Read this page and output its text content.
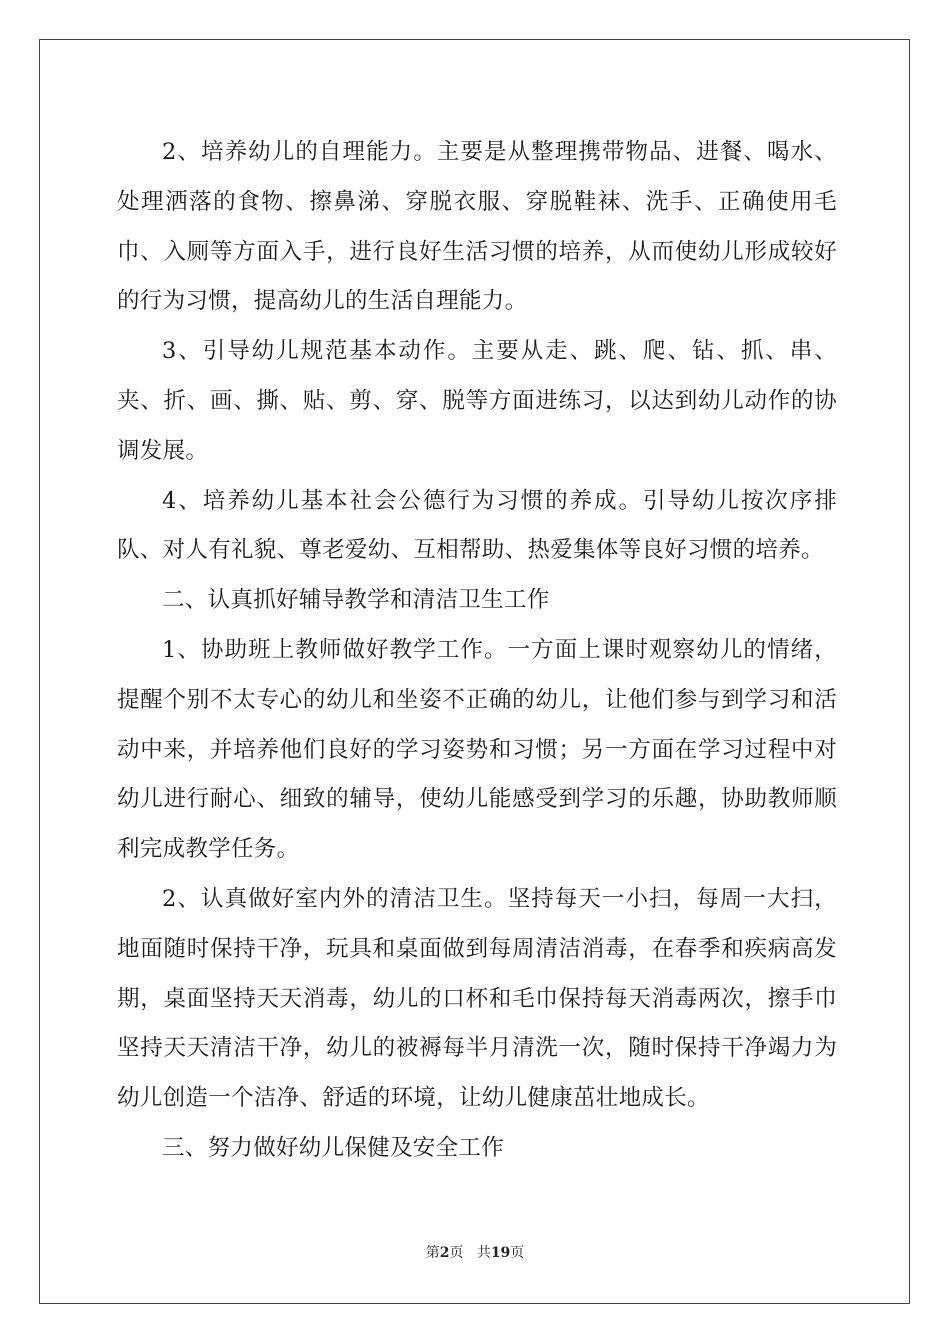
2、培养幼儿的自理能力。主要是从整理携带物品、进餐、喝水、处理洒落的食物、擦鼻涕、穿脱衣服、穿脱鞋袜、洗手、正确使用毛巾、入厕等方面入手，进行良好生活习惯的培养，从而使幼儿形成较好的行为习惯，提高幼儿的生活自理能力。

3、引导幼儿规范基本动作。主要从走、跳、爬、钻、抓、串、夹、折、画、撕、贴、剪、穿、脱等方面进练习，以达到幼儿动作的协调发展。

4、培养幼儿基本社会公德行为习惯的养成。引导幼儿按次序排队、对人有礼貌、尊老爱幼、互相帮助、热爱集体等良好习惯的培养。

二、认真抓好辅导教学和清洁卫生工作

1、协助班上教师做好教学工作。一方面上课时观察幼儿的情绪，提醒个别不太专心的幼儿和坐姿不正确的幼儿，让他们参与到学习和活动中来，并培养他们良好的学习姿势和习惯；另一方面在学习过程中对幼儿进行耐心、细致的辅导，使幼儿能感受到学习的乐趣，协助教师顺利完成教学任务。

2、认真做好室内外的清洁卫生。坚持每天一小扫，每周一大扫，地面随时保持干净，玩具和桌面做到每周清洁消毒，在春季和疾病高发期，桌面坚持天天消毒，幼儿的口杯和毛巾保持每天消毒两次，擦手巾坚持天天清洁干净，幼儿的被褥每半月清洗一次，随时保持干净竭力为幼儿创造一个洁净、舒适的环境，让幼儿健康茁壮地成长。

三、努力做好幼儿保健及安全工作

第2页 共19页
